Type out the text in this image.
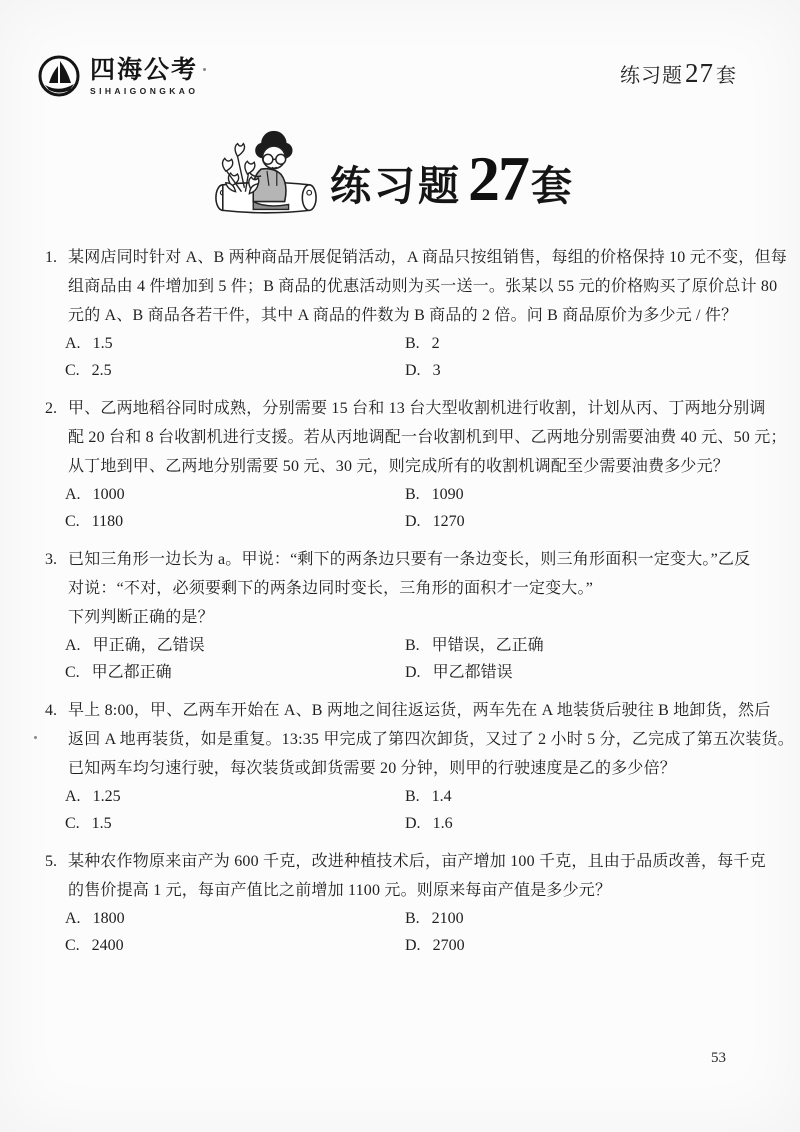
四海公考
SIHAIGONGKAO
练习题 27 套
练习题 27 套
1. 某网店同时针对 A、B 两种商品开展促销活动，A 商品只按组销售，每组的价格保持 10 元不变，但每
组商品由 4 件增加到 5 件；B 商品的优惠活动则为买一送一。张某以 55 元的价格购买了原价总计 80
元的 A、B 商品各若干件，其中 A 商品的件数为 B 商品的 2 倍。问 B 商品原价为多少元 / 件？
A. 1.5	B. 2
C. 2.5	D. 3
2. 甲、乙两地稻谷同时成熟，分别需要 15 台和 13 台大型收割机进行收割，计划从丙、丁两地分别调
配 20 台和 8 台收割机进行支援。若从丙地调配一台收割机到甲、乙两地分别需要油费 40 元、50 元；
从丁地到甲、乙两地分别需要 50 元、30 元，则完成所有的收割机调配至少需要油费多少元？
A. 1000	B. 1090
C. 1180	D. 1270
3. 已知三角形一边长为 a。甲说：“剩下的两条边只要有一条边变长，则三角形面积一定变大。”乙反
对说：“不对，必须要剩下的两条边同时变长，三角形的面积才一定变大。”
下列判断正确的是？
A. 甲正确，乙错误	B. 甲错误，乙正确
C. 甲乙都正确	D. 甲乙都错误
4. 早上 8:00，甲、乙两车开始在 A、B 两地之间往返运货，两车先在 A 地装货后驶往 B 地卸货，然后
返回 A 地再装货，如是重复。13:35 甲完成了第四次卸货，又过了 2 小时 5 分，乙完成了第五次装货。
已知两车均匀速行驶，每次装货或卸货需要 20 分钟，则甲的行驶速度是乙的多少倍？
A. 1.25	B. 1.4
C. 1.5	D. 1.6
5. 某种农作物原来亩产为 600 千克，改进种植技术后，亩产增加 100 千克，且由于品质改善，每千克
的售价提高 1 元，每亩产值比之前增加 1100 元。则原来每亩产值是多少元？
A. 1800	B. 2100
C. 2400	D. 2700
53
